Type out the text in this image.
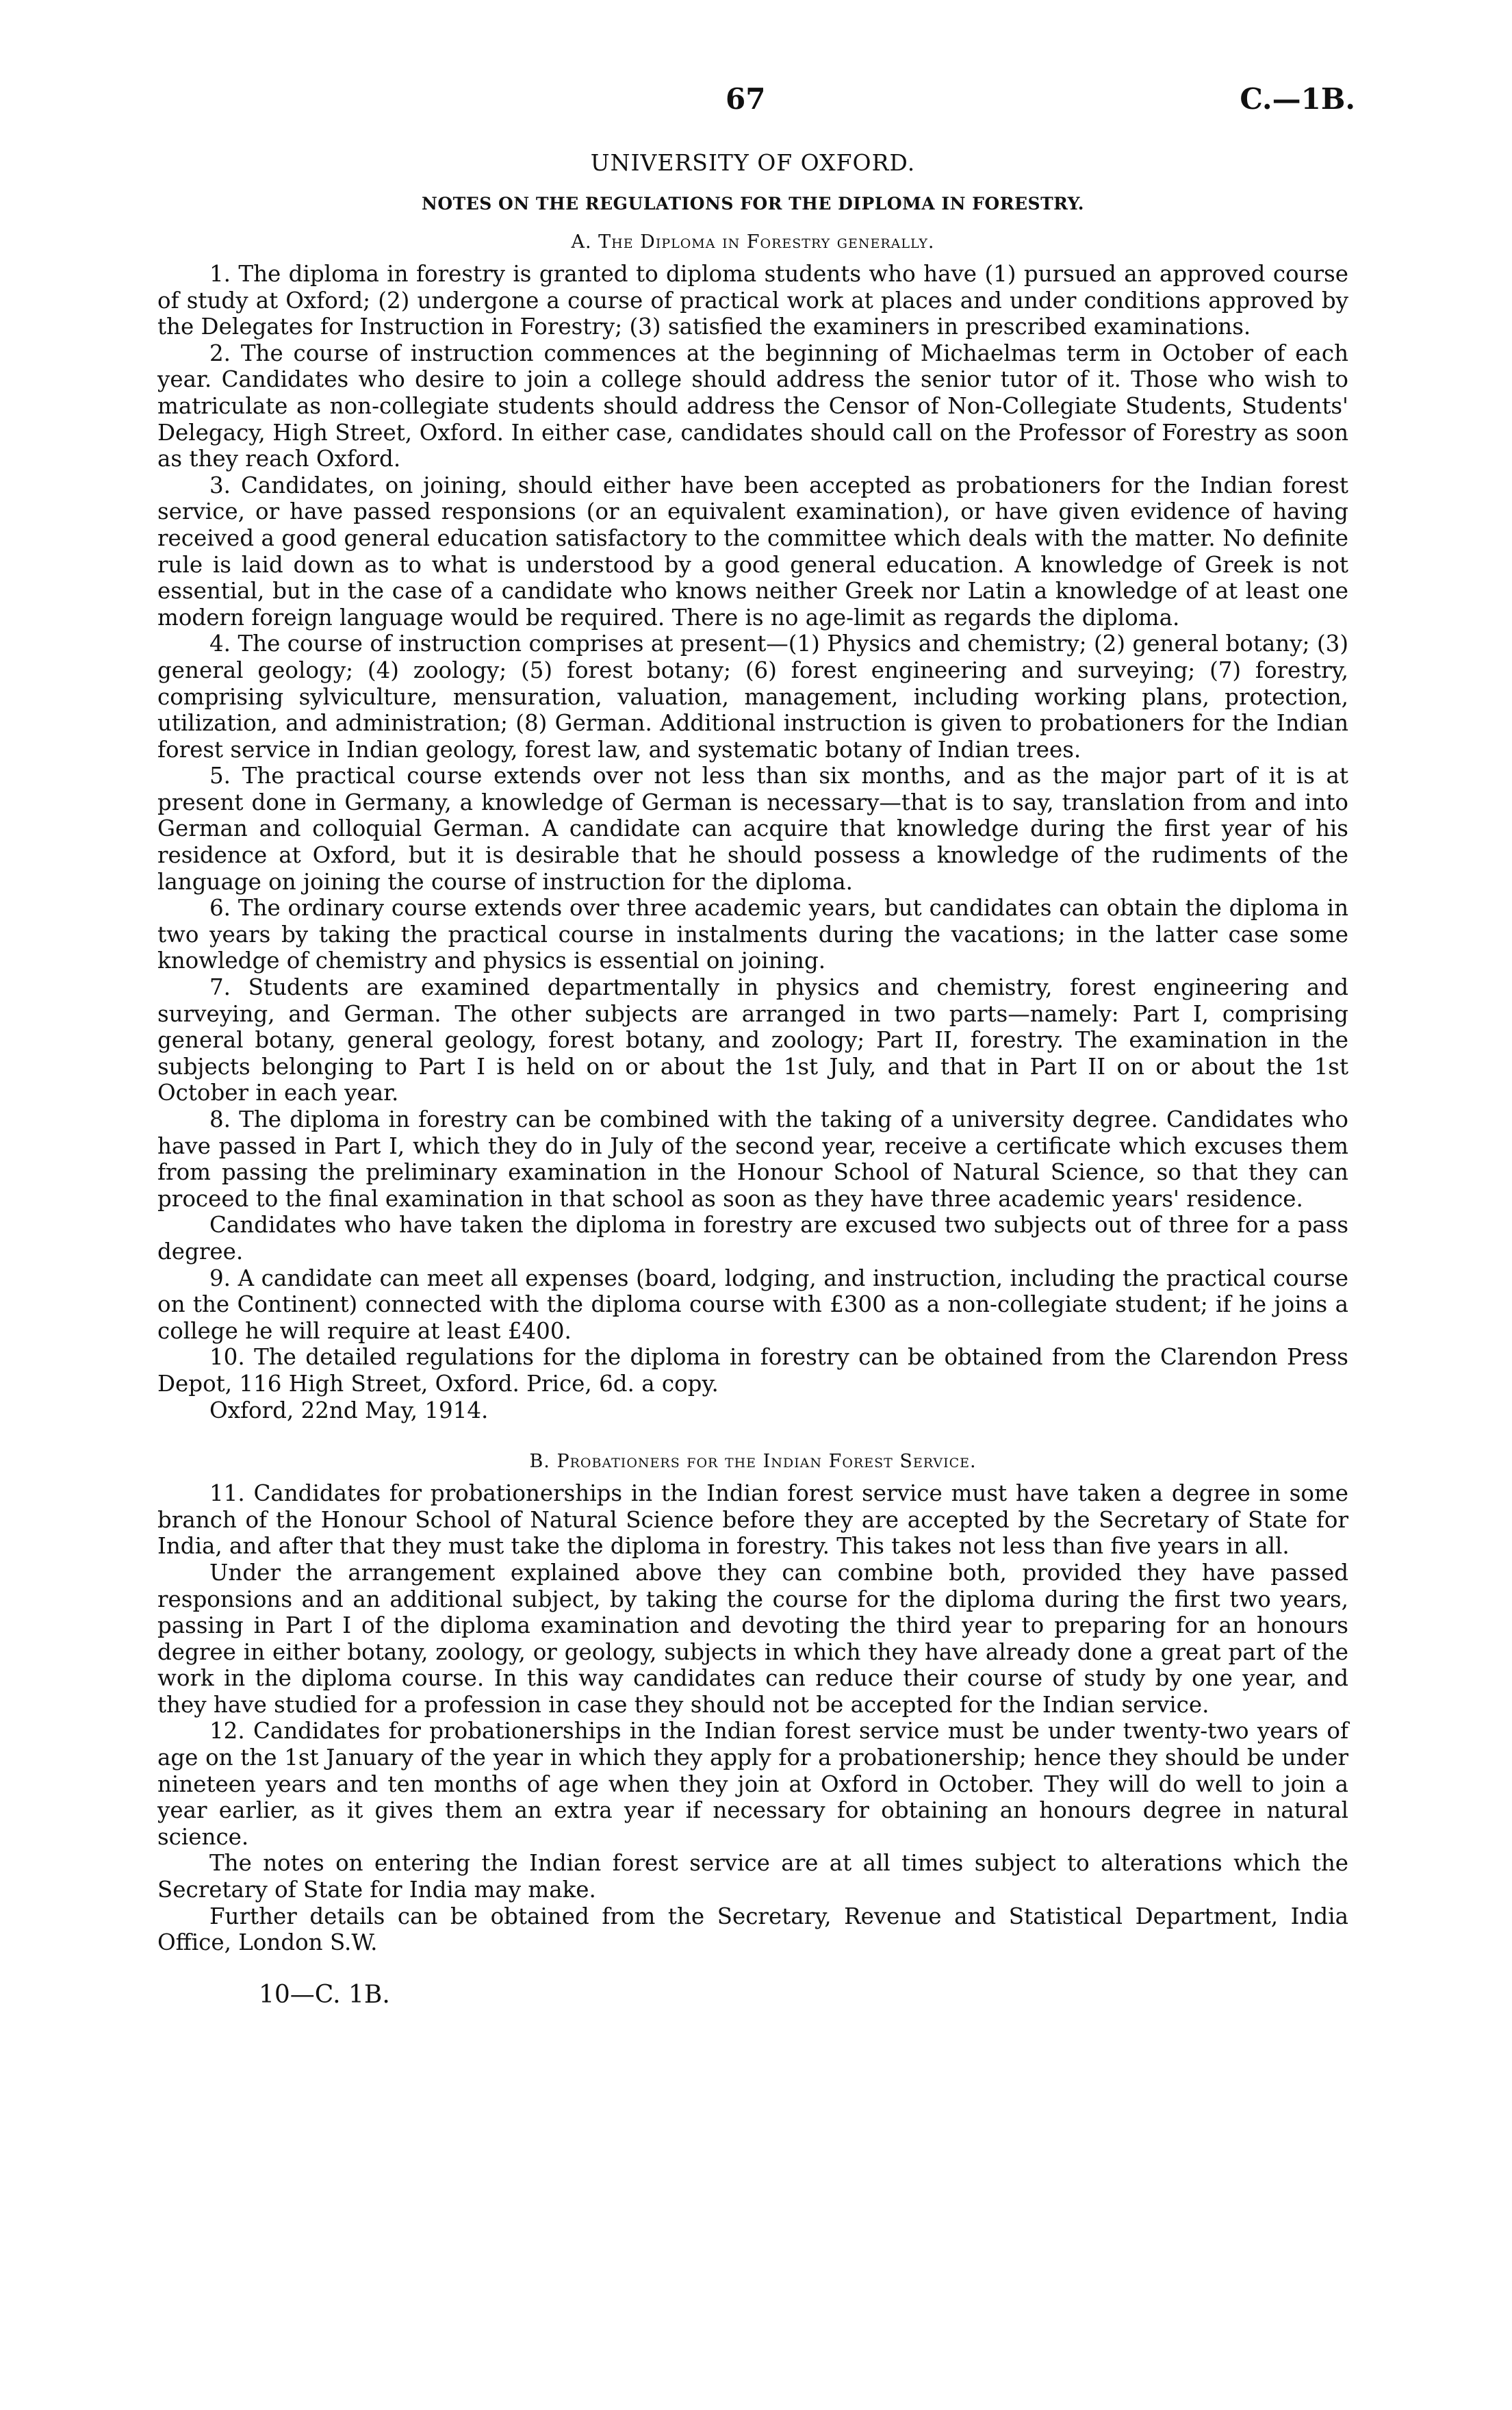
67	C.—1B.
UNIVERSITY OF OXFORD.
NOTES ON THE REGULATIONS FOR THE DIPLOMA IN FORESTRY.
A. The Diploma in Forestry generally.

1. The diploma in forestry is granted to diploma students who have (1) pursued an approved course of study at Oxford; (2) undergone a course of practical work at places and under conditions approved by the Delegates for Instruction in Forestry; (3) satisfied the examiners in prescribed examinations.

2. The course of instruction commences at the beginning of Michaelmas term in October of each year. Candidates who desire to join a college should address the senior tutor of it. Those who wish to matriculate as non-collegiate students should address the Censor of Non-Collegiate Students, Students' Delegacy, High Street, Oxford. In either case, candidates should call on the Professor of Forestry as soon as they reach Oxford.

3. Candidates, on joining, should either have been accepted as probationers for the Indian forest service, or have passed responsions (or an equivalent examination), or have given evidence of having received a good general education satisfactory to the committee which deals with the matter. No definite rule is laid down as to what is understood by a good general education. A knowledge of Greek is not essential, but in the case of a candidate who knows neither Greek nor Latin a knowledge of at least one modern foreign language would be required. There is no age-limit as regards the diploma.

4. The course of instruction comprises at present—(1) Physics and chemistry; (2) general botany; (3) general geology; (4) zoology; (5) forest botany; (6) forest engineering and surveying; (7) forestry, comprising sylviculture, mensuration, valuation, management, including working plans, protection, utilization, and administration; (8) German. Additional instruction is given to probationers for the Indian forest service in Indian geology, forest law, and systematic botany of Indian trees.

5. The practical course extends over not less than six months, and as the major part of it is at present done in Germany, a knowledge of German is necessary—that is to say, translation from and into German and colloquial German. A candidate can acquire that knowledge during the first year of his residence at Oxford, but it is desirable that he should possess a knowledge of the rudiments of the language on joining the course of instruction for the diploma.

6. The ordinary course extends over three academic years, but candidates can obtain the diploma in two years by taking the practical course in instalments during the vacations; in the latter case some knowledge of chemistry and physics is essential on joining.

7. Students are examined departmentally in physics and chemistry, forest engineering and surveying, and German. The other subjects are arranged in two parts—namely: Part I, comprising general botany, general geology, forest botany, and zoology; Part II, forestry. The examination in the subjects belonging to Part I is held on or about the 1st July, and that in Part II on or about the 1st October in each year.

8. The diploma in forestry can be combined with the taking of a university degree. Candidates who have passed in Part I, which they do in July of the second year, receive a certificate which excuses them from passing the preliminary examination in the Honour School of Natural Science, so that they can proceed to the final examination in that school as soon as they have three academic years' residence.

Candidates who have taken the diploma in forestry are excused two subjects out of three for a pass degree.

9. A candidate can meet all expenses (board, lodging, and instruction, including the practical course on the Continent) connected with the diploma course with £300 as a non-collegiate student; if he joins a college he will require at least £400.

10. The detailed regulations for the diploma in forestry can be obtained from the Clarendon Press Depot, 116 High Street, Oxford. Price, 6d. a copy.

Oxford, 22nd May, 1914.

B. Probationers for the Indian Forest Service.

11. Candidates for probationerships in the Indian forest service must have taken a degree in some branch of the Honour School of Natural Science before they are accepted by the Secretary of State for India, and after that they must take the diploma in forestry. This takes not less than five years in all.

Under the arrangement explained above they can combine both, provided they have passed responsions and an additional subject, by taking the course for the diploma during the first two years, passing in Part I of the diploma examination and devoting the third year to preparing for an honours degree in either botany, zoology, or geology, subjects in which they have already done a great part of the work in the diploma course. In this way candidates can reduce their course of study by one year, and they have studied for a profession in case they should not be accepted for the Indian service.

12. Candidates for probationerships in the Indian forest service must be under twenty-two years of age on the 1st January of the year in which they apply for a probationership; hence they should be under nineteen years and ten months of age when they join at Oxford in October. They will do well to join a year earlier, as it gives them an extra year if necessary for obtaining an honours degree in natural science.

The notes on entering the Indian forest service are at all times subject to alterations which the Secretary of State for India may make.

Further details can be obtained from the Secretary, Revenue and Statistical Department, India Office, London S.W.

10—C. 1B.
